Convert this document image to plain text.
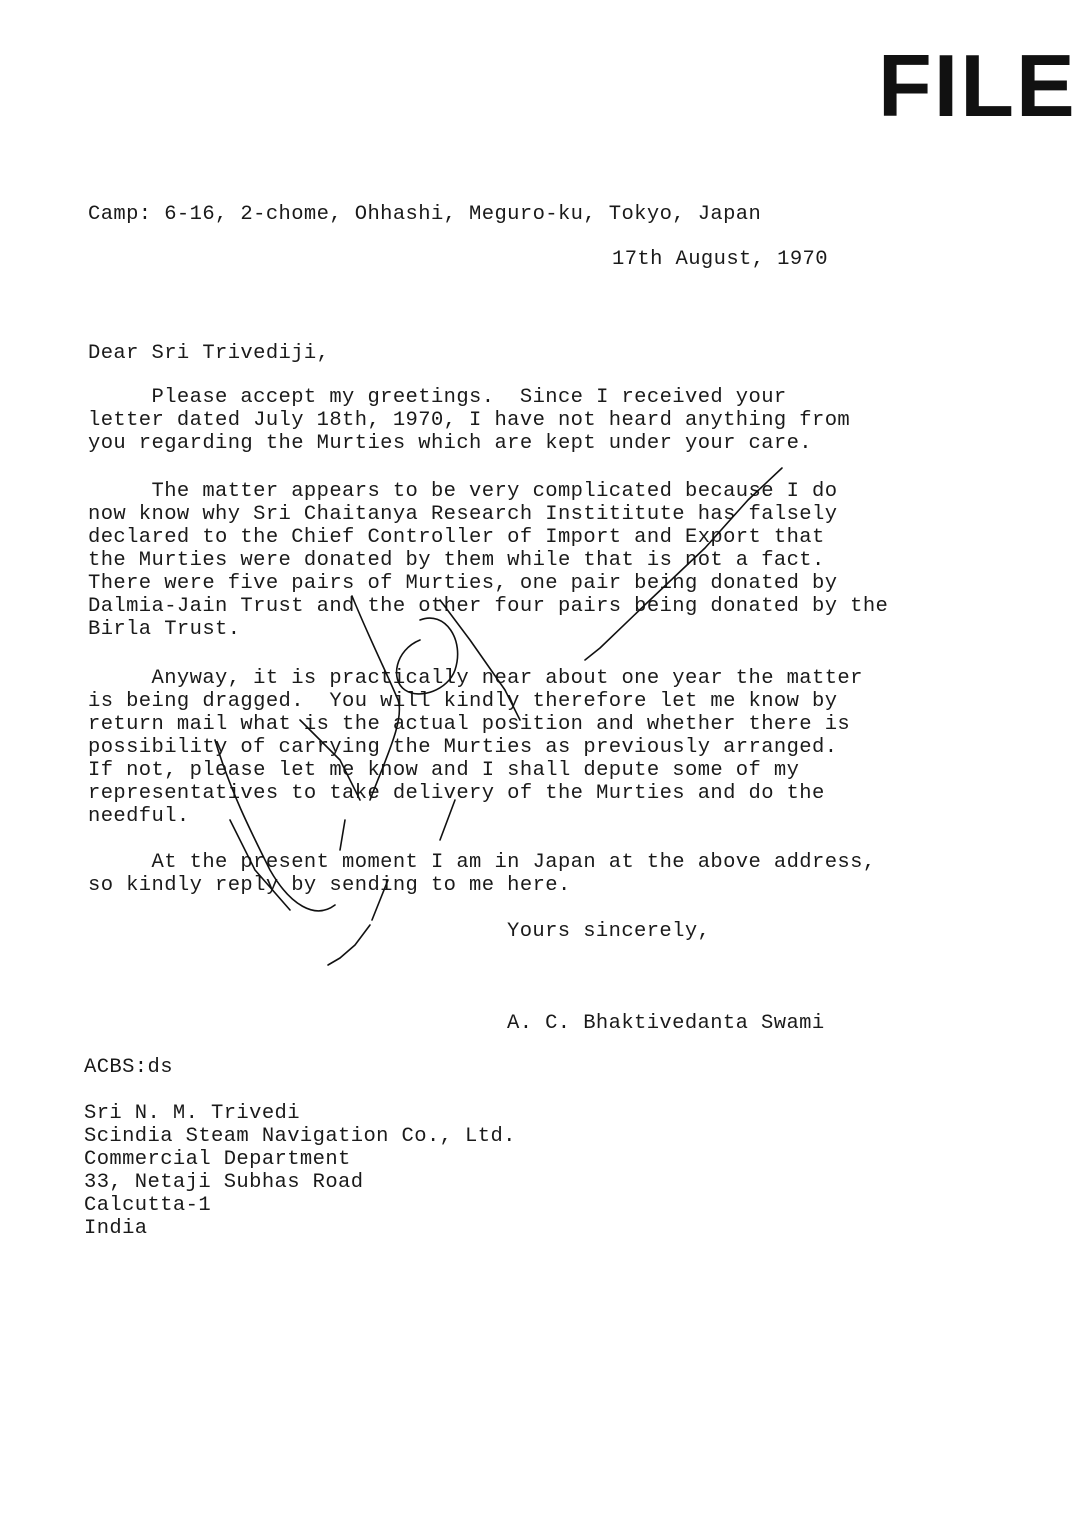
FILE
Camp: 6-16, 2-chome, Ohhashi, Meguro-ku, Tokyo, Japan
17th August, 1970
Dear Sri Trivediji,
Please accept my greetings.  Since I received your
letter dated July 18th, 1970, I have not heard anything from
you regarding the Murties which are kept under your care.
The matter appears to be very complicated because I do
now know why Sri Chaitanya Research Instititute has falsely
declared to the Chief Controller of Import and Export that
the Murties were donated by them while that is not a fact.
There were five pairs of Murties, one pair being donated by
Dalmia-Jain Trust and the other four pairs being donated by the
Birla Trust.
Anyway, it is practically near about one year the matter
is being dragged.  You will kindly therefore let me know by
return mail what is the actual position and whether there is
possibility of carrying the Murties as previously arranged.
If not, please let me know and I shall depute some of my
representatives to take delivery of the Murties and do the
needful.
At the present moment I am in Japan at the above address,
so kindly reply by sending to me here.
Yours sincerely,
A. C. Bhaktivedanta Swami
ACBS:ds
Sri N. M. Trivedi
Scindia Steam Navigation Co., Ltd.
Commercial Department
33, Netaji Subhas Road
Calcutta-1
India
